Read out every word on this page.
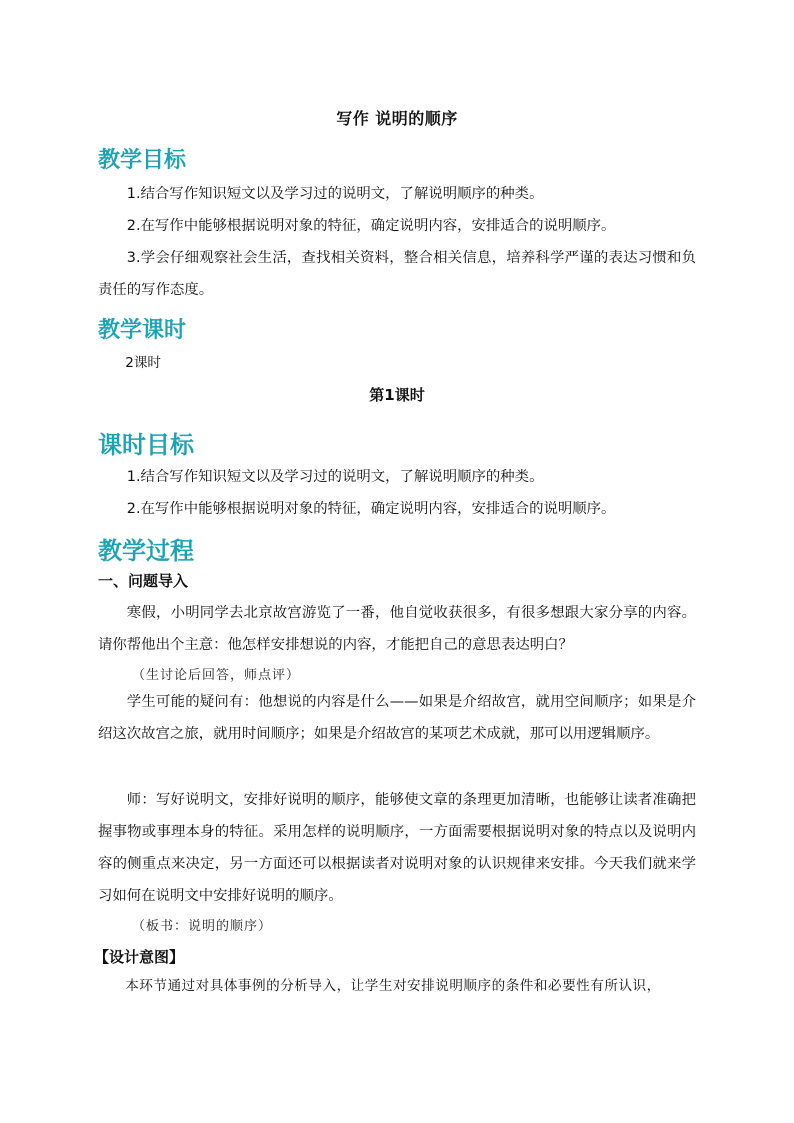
写作 说明的顺序
教学目标

1.结合写作知识短文以及学习过的说明文，了解说明顺序的种类。

2.在写作中能够根据说明对象的特征，确定说明内容，安排适合的说明顺序。

3.学会仔细观察社会生活，查找相关资料，整合相关信息，培养科学严谨的表达习惯和负责任的写作态度。

教学课时

2课时

第1课时
课时目标

1.结合写作知识短文以及学习过的说明文，了解说明顺序的种类。

2.在写作中能够根据说明对象的特征，确定说明内容，安排适合的说明顺序。

教学过程
一、问题导入

寒假，小明同学去北京故宫游览了一番，他自觉收获很多，有很多想跟大家分享的内容。请你帮他出个主意：他怎样安排想说的内容，才能把自己的意思表达明白？

（生讨论后回答，师点评）

学生可能的疑问有：他想说的内容是什么——如果是介绍故宫，就用空间顺序；如果是介绍这次故宫之旅，就用时间顺序；如果是介绍故宫的某项艺术成就，那可以用逻辑顺序。

师：写好说明文，安排好说明的顺序，能够使文章的条理更加清晰，也能够让读者准确把握事物或事理本身的特征。采用怎样的说明顺序，一方面需要根据说明对象的特点以及说明内容的侧重点来决定，另一方面还可以根据读者对说明对象的认识规律来安排。今天我们就来学习如何在说明文中安排好说明的顺序。

（板书：说明的顺序）
【设计意图】

本环节通过对具体事例的分析导入，让学生对安排说明顺序的条件和必要性有所认识，
